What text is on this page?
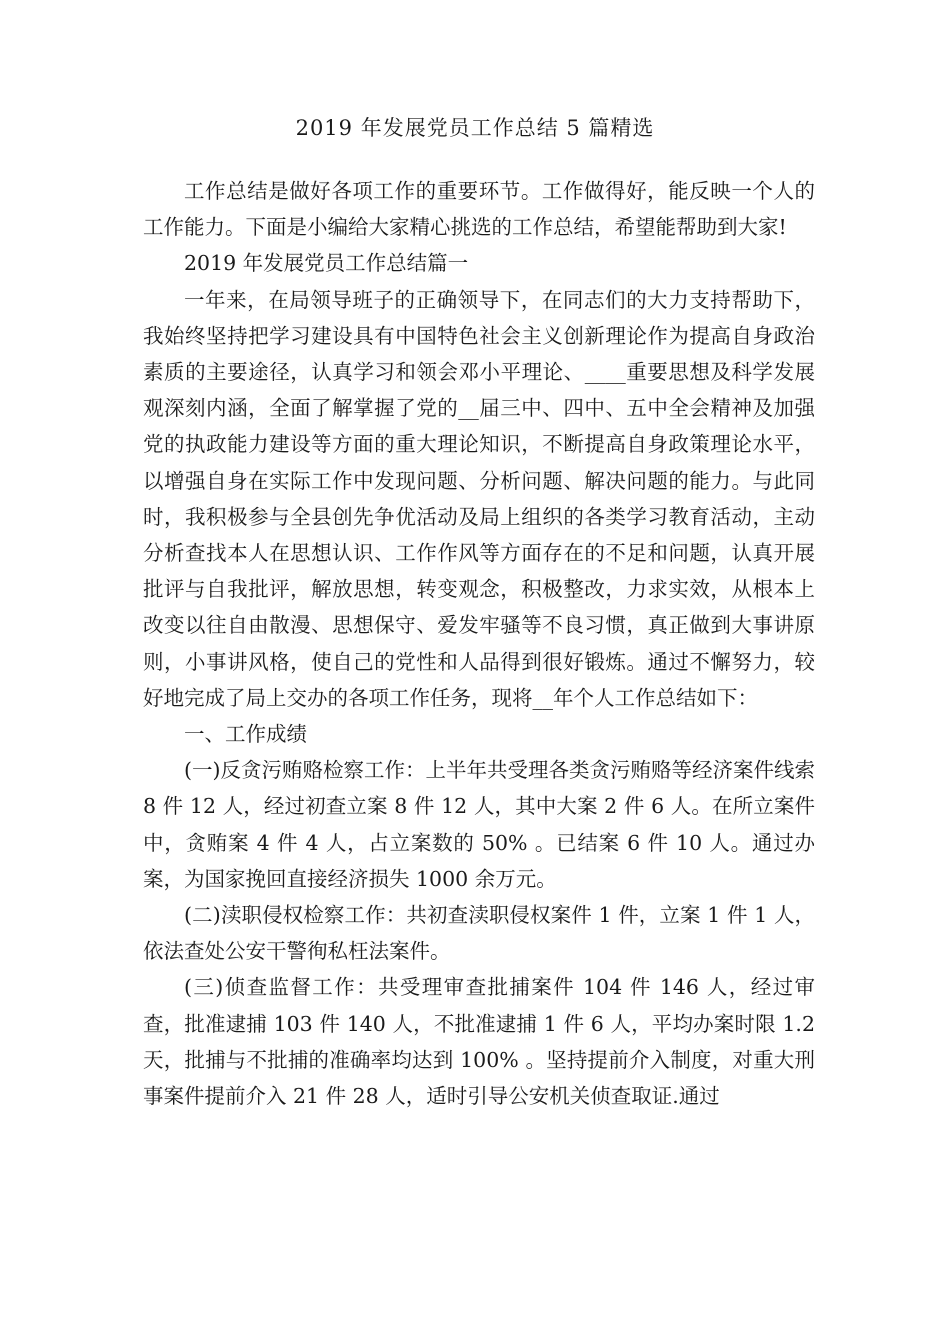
2019 年发展党员工作总结 5 篇精选

工作总结是做好各项工作的重要环节。工作做得好，能反映一个人的工作能力。下面是小编给大家精心挑选的工作总结，希望能帮助到大家!

2019 年发展党员工作总结篇一

一年来，在局领导班子的正确领导下，在同志们的大力支持帮助下，我始终坚持把学习建设具有中国特色社会主义创新理论作为提高自身政治素质的主要途径，认真学习和领会邓小平理论、____重要思想及科学发展观深刻内涵，全面了解掌握了党的__届三中、四中、五中全会精神及加强党的执政能力建设等方面的重大理论知识，不断提高自身政策理论水平，以增强自身在实际工作中发现问题、分析问题、解决问题的能力。与此同时，我积极参与全县创先争优活动及局上组织的各类学习教育活动，主动分析查找本人在思想认识、工作作风等方面存在的不足和问题，认真开展批评与自我批评，解放思想，转变观念，积极整改，力求实效，从根本上改变以往自由散漫、思想保守、爱发牢骚等不良习惯，真正做到大事讲原则，小事讲风格，使自己的党性和人品得到很好锻炼。通过不懈努力，较好地完成了局上交办的各项工作任务，现将__年个人工作总结如下：

一、工作成绩

(一)反贪污贿赂检察工作：上半年共受理各类贪污贿赂等经济案件线索 8 件 12 人，经过初查立案 8 件 12 人，其中大案 2 件 6 人。在所立案件中，贪贿案 4 件 4 人，占立案数的 50% 。已结案 6 件 10 人。通过办案，为国家挽回直接经济损失 1000 余万元。

(二)渎职侵权检察工作：共初查渎职侵权案件 1 件，立案 1 件 1 人，依法查处公安干警徇私枉法案件。

(三)侦查监督工作：共受理审查批捕案件 104 件 146 人，经过审查，批准逮捕 103 件 140 人，不批准逮捕 1 件 6 人，平均办案时限 1.2 天，批捕与不批捕的准确率均达到 100% 。坚持提前介入制度，对重大刑事案件提前介入 21 件 28 人，适时引导公安机关侦查取证.通过
